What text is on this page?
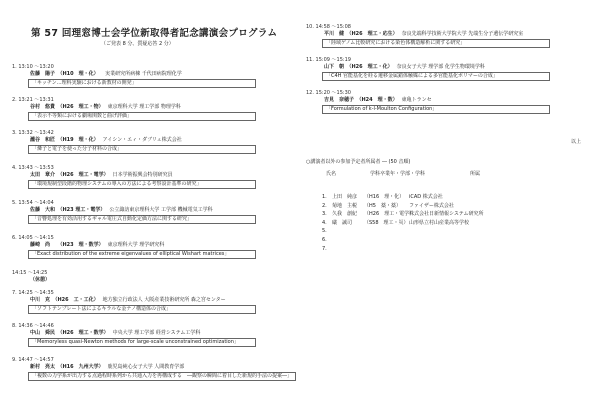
第 57 回理窓博士会学位新取得者記念講演会プログラム
（ご発表 8 分、質疑応答 2 分）
1. 13:10 ～13:20
佐藤　陽子　（H10　理・化）　実業研究所病棟 千代田病院理化学
「キッチン…理科実験における新教材の開発」
2. 13:21 ～13:31
谷村　悠貴　（H26　理工・物） 東京理科大学 理工学部 物理学科
「表示不等類における劇場関数と曲げ評価」
3. 13:32 ～13:42
瀧谷　和匠　（H19　理・化） アイシン・エィ・ダブリュ株式会社
「燐子と電子を使った分子材料の合成」
4. 13:43 ～13:53
太田　章介　（H26　理工・電学） 日本学術振興会特別研究員
「環境規制型段階的物理システムの導入の方法による考察設計基準の研究」
5. 13:54 ～14:04
佐藤　大和　（H23 理工・電学） 公立諏訪東京理科大学 工学部 機械電気工学科
「音響処理を有効活用するギャル電圧式自動化定価方法に関する研究」
6. 14:05 ～14:15
藤崎　尚　　（H23　理・数学） 東京理科大学 理学研究科
「Exact distribution of the extreme eigenvalues of elliptical Wishart matrices」
14:15 ～14:25
（休憩）
7. 14:25 ～14:35
中川　克　（H26　工・工化） 地方独立行政法人 大阪産業技術研究所 森之宮センター
「ソフトテンプレート法によるキラルな金ナノ構造体の合成」
8. 14:36 ～14:46
中山　舜民　（H26　理工・数学） 中央大学 理工学部 経営システム工学科
「Memoryless quasi-Newton methods for large-scale unconstrained optimization」
9. 14:47 ～14:57
新村　亮太　（H16　九州大学） 鹿児島純心女子大学 人間教育学部
「複数の力学系が出力する点過程時系列から共通入力を再構成する　―観察の瞬間に着目した新規的手法の提案―」
10. 14:58 ～15:08
平川　健　（H26　理工・応生） 奈良先端科学技術大学院大学 先端生分子遺伝学研究室
「陸域ゲノム比較研究における染色体構造解析に関する研究」
11. 15:09 ～15:19
山下　朝　（H26　理工・化） 奈良女子大学 理学部 化学生物環境学科
「C4H 官能基化を経る遷移金属錯体触媒による多官能基化ポリマーの合成」
12. 15:20 ～15:30
吉見　奈穂子　（H24　理・数） 東亀トランセ
「Formulation of k-l-Moulton Configuration」
以上
○講演者以外の参加予定者所属者 ― (50 音順)
氏名	学科卒業年・学部・学科	所属
1.	上田　純彦	（H16　理・化） iCAD 株式会社
2.	菊地　主税	（H5　薬・薬）	ファイザー株式会社
3.	久我　創紀	（H26　理工・電学）
株式会社日新情報システム研究所
4.	礒　誠司	（S58　理工・災） 山形県立村山産業高等学校
5.
6.
7.
